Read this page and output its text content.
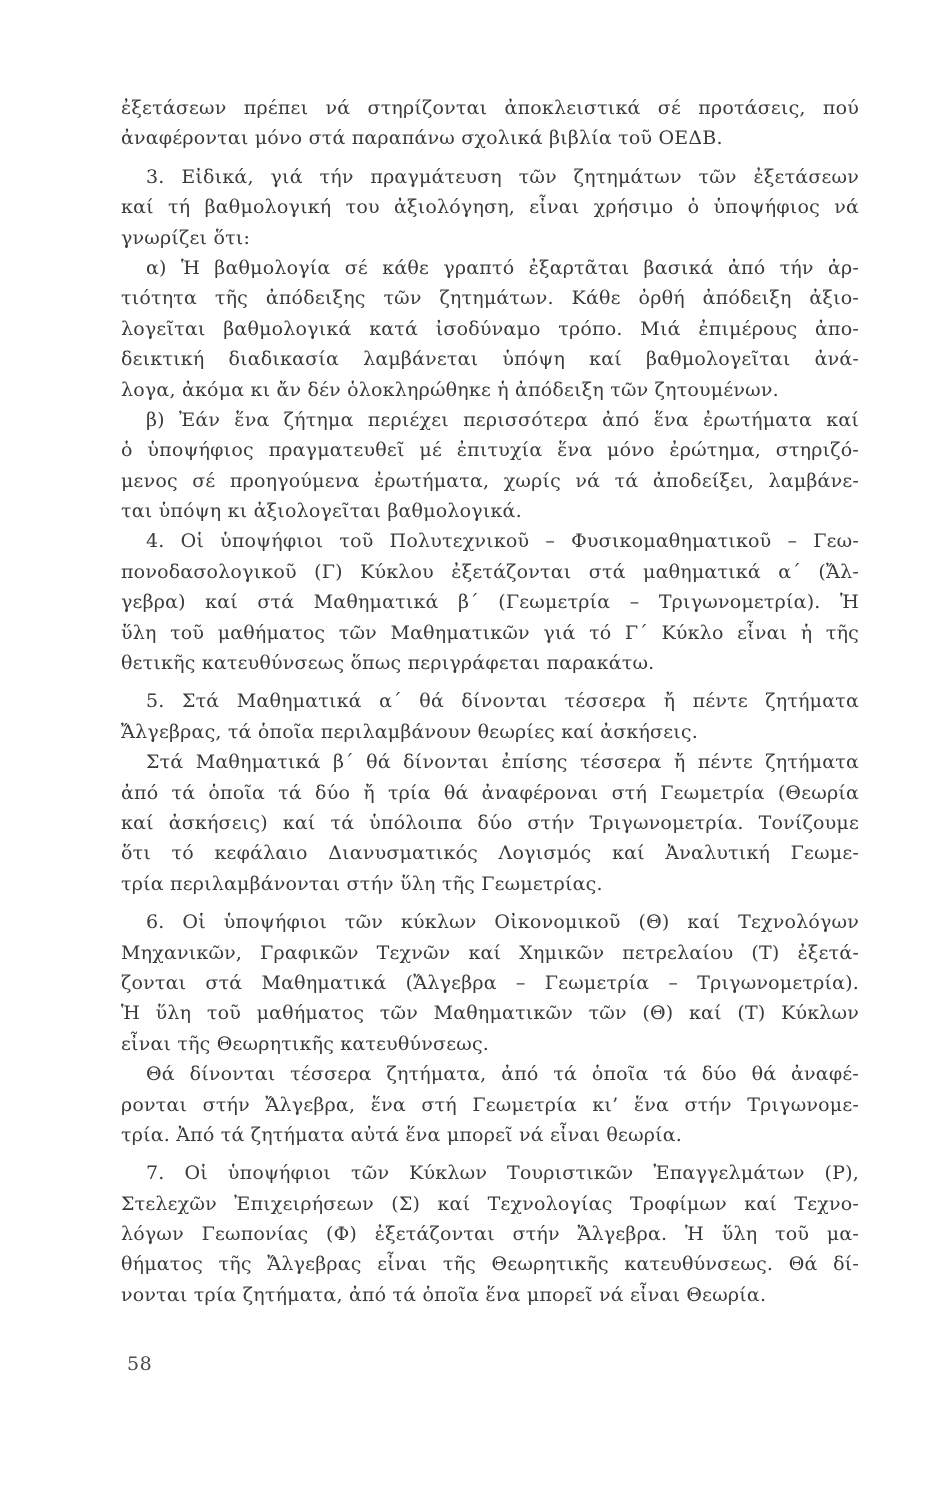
ἐξετάσεων πρέπει νά στηρίζονται ἀποκλειστικά σέ προτάσεις, πού
ἀναφέρονται μόνο στά παραπάνω σχολικά βιβλία τοῦ ΟΕΔΒ.
3. Εἰδικά, γιά τήν πραγμάτευση τῶν ζητημάτων τῶν ἐξετάσεων
καί τή βαθμολογική του ἀξιολόγηση, εἶναι χρήσιμο ὁ ὑποψήφιος νά
γνωρίζει ὅτι:
α) Ἡ βαθμολογία σέ κάθε γραπτό ἐξαρτᾶται βασικά ἀπό τήν ἀρ-
τιότητα τῆς ἀπόδειξης τῶν ζητημάτων. Κάθε ὀρθή ἀπόδειξη ἀξιο-
λογεῖται βαθμολογικά κατά ἰσοδύναμο τρόπο. Μιά ἐπιμέρους ἀπο-
δεικτική διαδικασία λαμβάνεται ὑπόψη καί βαθμολογεῖται ἀνά-
λογα, ἀκόμα κι ἄν δέν ὁλοκληρώθηκε ἡ ἀπόδειξη τῶν ζητουμένων.
β) Ἐάν ἕνα ζήτημα περιέχει περισσότερα ἀπό ἕνα ἐρωτήματα καί
ὁ ὑποψήφιος πραγματευθεῖ μέ ἐπιτυχία ἕνα μόνο ἐρώτημα, στηριζό-
μενος σέ προηγούμενα ἐρωτήματα, χωρίς νά τά ἀποδείξει, λαμβάνε-
ται ὑπόψη κι ἀξιολογεῖται βαθμολογικά.
4. Οἱ ὑποψήφιοι τοῦ Πολυτεχνικοῦ – Φυσικομαθηματικοῦ – Γεω-
πονοδασολογικοῦ (Γ) Κύκλου ἐξετάζονται στά μαθηματικά α΄ (Ἄλ-
γεβρα) καί στά Μαθηματικά β΄ (Γεωμετρία – Τριγωνομετρία). Ἡ
ὕλη τοῦ μαθήματος τῶν Μαθηματικῶν γιά τό Γ΄ Κύκλο εἶναι ἡ τῆς
θετικῆς κατευθύνσεως ὅπως περιγράφεται παρακάτω.
5. Στά Μαθηματικά α΄ θά δίνονται τέσσερα ἤ πέντε ζητήματα
Ἄλγεβρας, τά ὁποῖα περιλαμβάνουν θεωρίες καί ἀσκήσεις.
Στά Μαθηματικά β΄ θά δίνονται ἐπίσης τέσσερα ἤ πέντε ζητήματα
ἀπό τά ὁποῖα τά δύο ἤ τρία θά ἀναφέροναι στή Γεωμετρία (Θεωρία
καί ἀσκήσεις) καί τά ὑπόλοιπα δύο στήν Τριγωνομετρία. Τονίζουμε
ὅτι τό κεφάλαιο Διανυσματικός Λογισμός καί Ἀναλυτική Γεωμε-
τρία περιλαμβάνονται στήν ὕλη τῆς Γεωμετρίας.
6. Οἱ ὑποψήφιοι τῶν κύκλων Οἰκονομικοῦ (Θ) καί Τεχνολόγων
Μηχανικῶν, Γραφικῶν Τεχνῶν καί Χημικῶν πετρελαίου (Τ) ἐξετά-
ζονται στά Μαθηματικά (Ἄλγεβρα – Γεωμετρία – Τριγωνομετρία).
Ἡ ὕλη τοῦ μαθήματος τῶν Μαθηματικῶν τῶν (Θ) καί (Τ) Κύκλων
εἶναι τῆς Θεωρητικῆς κατευθύνσεως.
Θά δίνονται τέσσερα ζητήματα, ἀπό τά ὁποῖα τά δύο θά ἀναφέ-
ρονται στήν Ἄλγεβρα, ἕνα στή Γεωμετρία κι’ ἕνα στήν Τριγωνομε-
τρία. Ἀπό τά ζητήματα αὐτά ἕνα μπορεῖ νά εἶναι θεωρία.
7. Οἱ ὑποψήφιοι τῶν Κύκλων Τουριστικῶν Ἐπαγγελμάτων (Ρ),
Στελεχῶν Ἐπιχειρήσεων (Σ) καί Τεχνολογίας Τροφίμων καί Τεχνο-
λόγων Γεωπονίας (Φ) ἐξετάζονται στήν Ἄλγεβρα. Ἡ ὕλη τοῦ μα-
θήματος τῆς Ἄλγεβρας εἶναι τῆς Θεωρητικῆς κατευθύνσεως. Θά δί-
νονται τρία ζητήματα, ἀπό τά ὁποῖα ἕνα μπορεῖ νά εἶναι Θεωρία.
58
